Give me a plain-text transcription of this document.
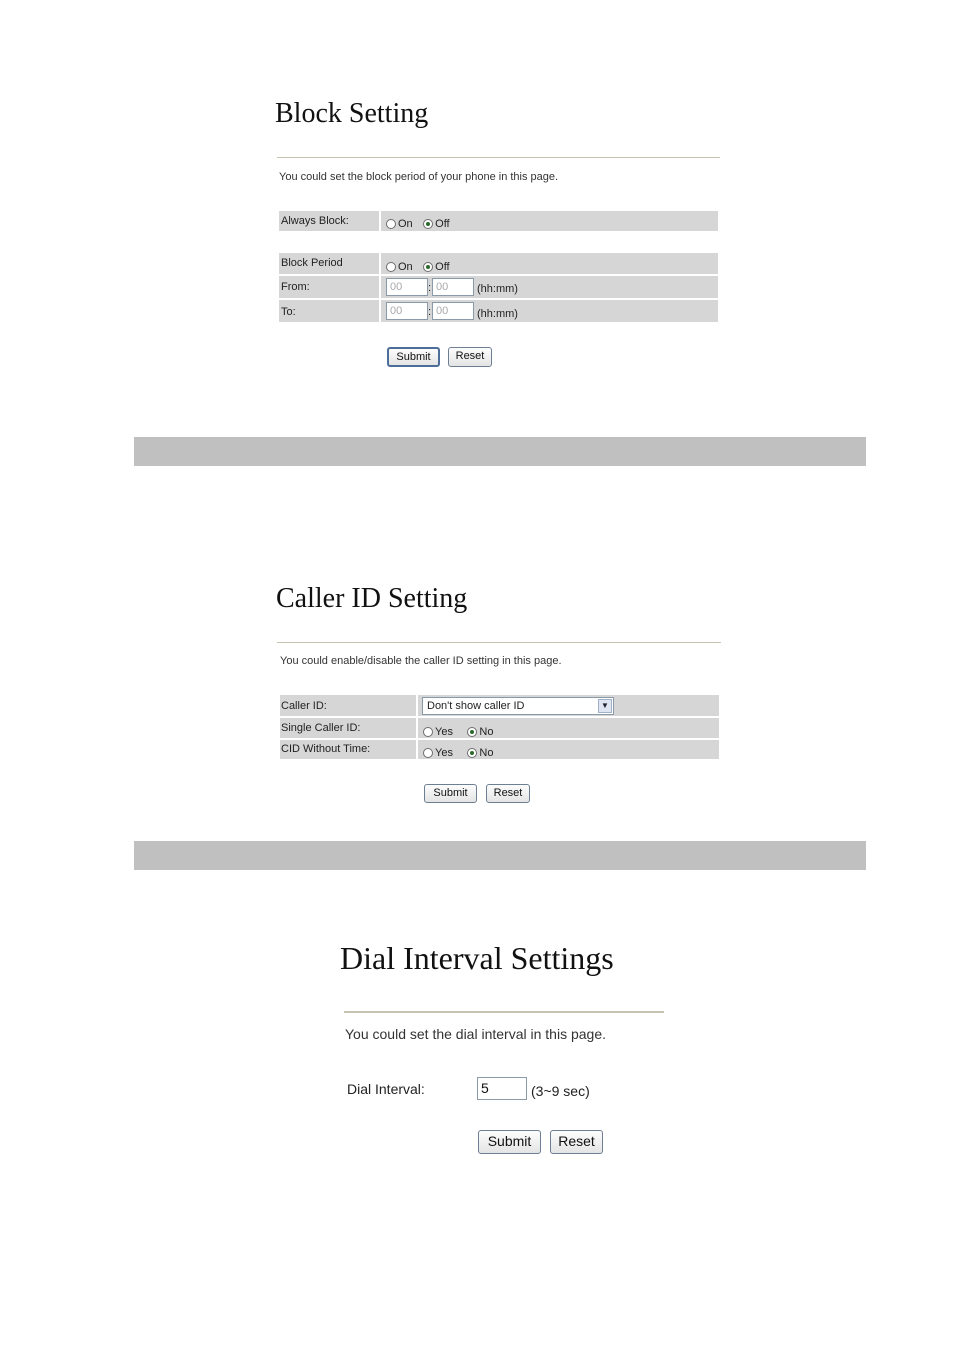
Block Setting
You could set the block period of your phone in this page.
Always Block:	On Off
Block Period	On Off
From:	00	: 00	(hh:mm)
To:	00	: 00	(hh:mm)
Submit	Reset
Caller ID Setting
You could enable/disable the caller ID setting in this page.
Caller ID:	Don't show caller ID	▼
Single Caller ID:	Yes No
CID Without Time:	Yes No
Submit	Reset
Dial Interval Settings
You could set the dial interval in this page.
Dial Interval:	5	(3~9 sec)
Submit	Reset
